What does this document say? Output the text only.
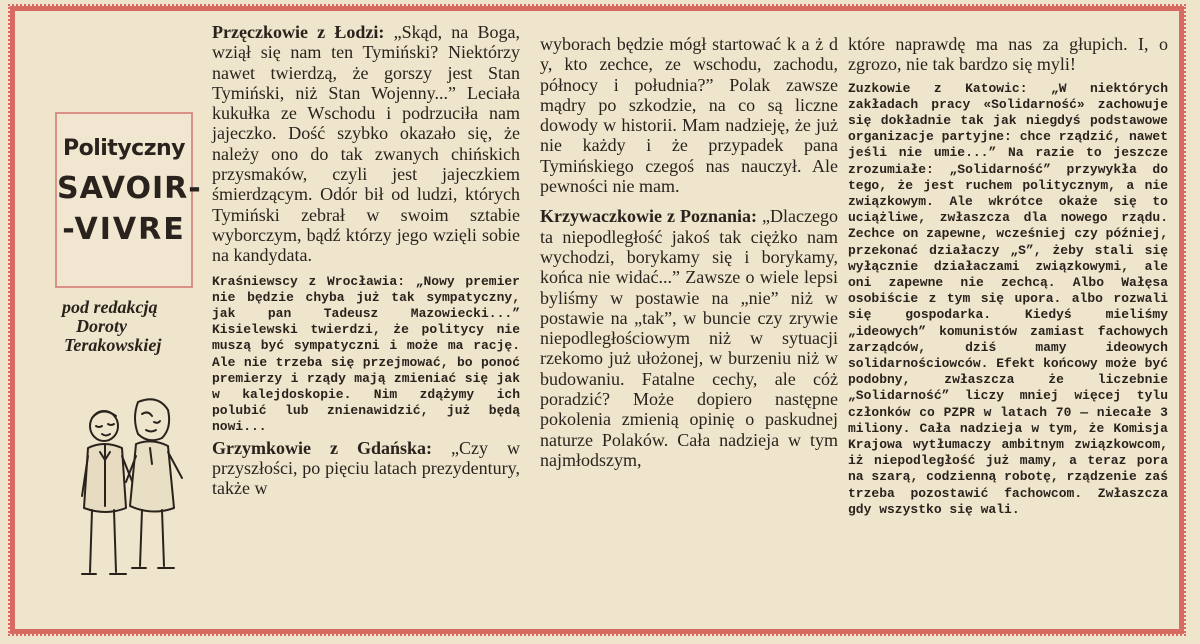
Polityczny
SAVOIR-
-VIVRE
pod redakcją
Doroty
Terakowskiej

Przęczkowie z Łodzi: „Skąd, na Boga, wziął się nam ten Tymiński? Niektórzy nawet twierdzą, że gorszy jest Stan Tymiński, niż Stan Wojenny...” Leciała kukułka ze Wschodu i podrzuciła nam jajeczko. Dość szybko okazało się, że należy ono do tak zwanych chińskich przysmaków, czyli jest jajeczkiem śmierdzącym. Odór bił od ludzi, których Tymiński zebrał w swoim sztabie wyborczym, bądź którzy jego wzięli sobie na kandydata.

Kraśniewscy z Wrocławia: „Nowy premier nie będzie chyba już tak sympatyczny, jak pan Tadeusz Mazowiecki...” Kisielewski twierdzi, że politycy nie muszą być sympatyczni i może ma rację. Ale nie trzeba się przejmować, bo ponoć premierzy i rządy mają zmieniać się jak w kalejdoskopie. Nim zdążymy ich polubić lub znienawidzić, już będą nowi...

Grzymkowie z Gdańska: „Czy w przyszłości, po pięciu latach prezydentury, także w

wyborach będzie mógł startować k a ż d y, kto zechce, ze wschodu, zachodu, północy i południa?” Polak zawsze mądry po szkodzie, na co są liczne dowody w historii. Mam nadzieję, że już nie każdy i że przypadek pana Tymińskiego czegoś nas nauczył. Ale pewności nie mam.

Krzywaczkowie z Poznania: „Dlaczego ta niepodległość jakoś tak ciężko nam wychodzi, borykamy się i borykamy, końca nie widać...” Zawsze o wiele lepsi byliśmy w postawie na „nie” niż w postawie na „tak”, w buncie czy zrywie niepodległościowym niż w sytuacji rzekomo już ułożonej, w burzeniu niż w budowaniu. Fatalne cechy, ale cóż poradzić? Może dopiero następne pokolenia zmienią opinię o paskudnej naturze Polaków. Cała nadzieja w tym najmłodszym,

które naprawdę ma nas za głupich. I, o zgrozo, nie tak bardzo się myli!

Zuzkowie z Katowic: „W niektórych zakładach pracy «Solidarność» zachowuje się dokładnie tak jak niegdyś podstawowe organizacje partyjne: chce rządzić, nawet jeśli nie umie...” Na razie to jeszcze zrozumiałe: „Solidarność” przywykła do tego, że jest ruchem politycznym, a nie związkowym. Ale wkrótce okaże się to uciążliwe, zwłaszcza dla nowego rządu. Zechce on zapewne, wcześniej czy później, przekonać działaczy „S”, żeby stali się wyłącznie działaczami związkowymi, ale oni zapewne nie zechcą. Albo Wałęsa osobiście z tym się upora. albo rozwali się gospodarka. Kiedyś mieliśmy „ideowych” komunistów zamiast fachowych zarządców, dziś mamy ideowych solidarnościowców. Efekt końcowy może być podobny, zwłaszcza że liczebnie „Solidarność” liczy mniej więcej tylu członków co PZPR w latach 70 — niecałe 3 miliony. Cała nadzieja w tym, że Komisja Krajowa wytłumaczy ambitnym związkowcom, iż niepodległość już mamy, a teraz pora na szarą, codzienną robotę, rządzenie zaś trzeba pozostawić fachowcom. Zwłaszcza gdy wszystko się wali.
